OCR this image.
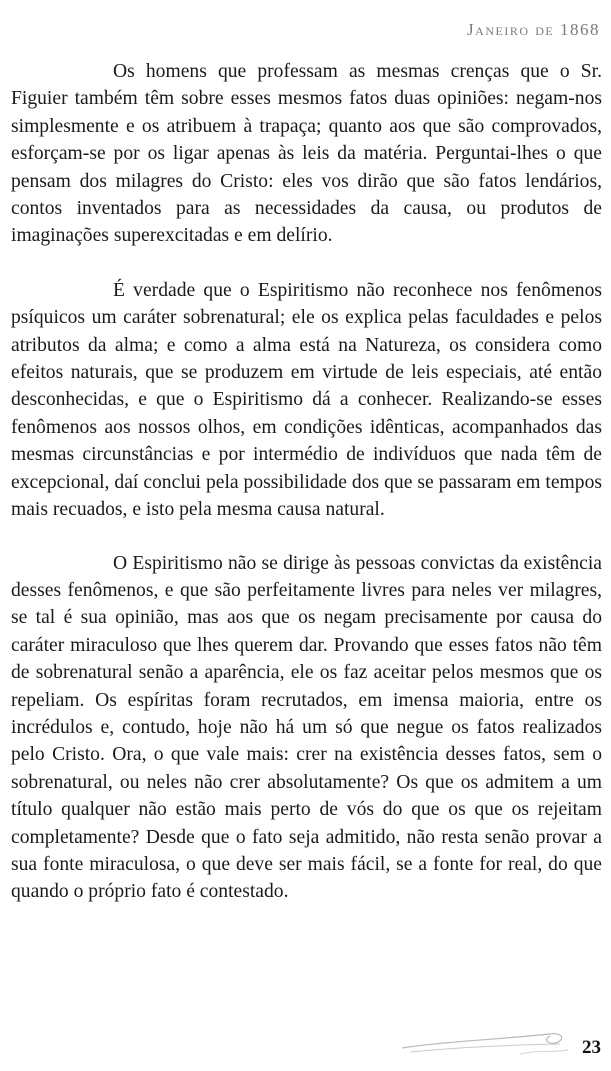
Janeiro de 1868

Os homens que professam as mesmas crenças que o Sr. Figuier também têm sobre esses mesmos fatos duas opiniões: negam-nos simplesmente e os atribuem à trapaça; quanto aos que são comprovados, esforçam-se por os ligar apenas às leis da matéria. Perguntai-lhes o que pensam dos milagres do Cristo: eles vos dirão que são fatos lendários, contos inventados para as necessidades da causa, ou produtos de imaginações superexcitadas e em delírio.

É verdade que o Espiritismo não reconhece nos fenômenos psíquicos um caráter sobrenatural; ele os explica pelas faculdades e pelos atributos da alma; e como a alma está na Natureza, os considera como efeitos naturais, que se produzem em virtude de leis especiais, até então desconhecidas, e que o Espiritismo dá a conhecer. Realizando-se esses fenômenos aos nossos olhos, em condições idênticas, acompanhados das mesmas circunstâncias e por intermédio de indivíduos que nada têm de excepcional, daí conclui pela possibilidade dos que se passaram em tempos mais recuados, e isto pela mesma causa natural.

O Espiritismo não se dirige às pessoas convictas da existência desses fenômenos, e que são perfeitamente livres para neles ver milagres, se tal é sua opinião, mas aos que os negam precisamente por causa do caráter miraculoso que lhes querem dar. Provando que esses fatos não têm de sobrenatural senão a aparência, ele os faz aceitar pelos mesmos que os repeliam. Os espíritas foram recrutados, em imensa maioria, entre os incrédulos e, contudo, hoje não há um só que negue os fatos realizados pelo Cristo. Ora, o que vale mais: crer na existência desses fatos, sem o sobrenatural, ou neles não crer absolutamente? Os que os admitem a um título qualquer não estão mais perto de vós do que os que os rejeitam completamente? Desde que o fato seja admitido, não resta senão provar a sua fonte miraculosa, o que deve ser mais fácil, se a fonte for real, do que quando o próprio fato é contestado.

23
